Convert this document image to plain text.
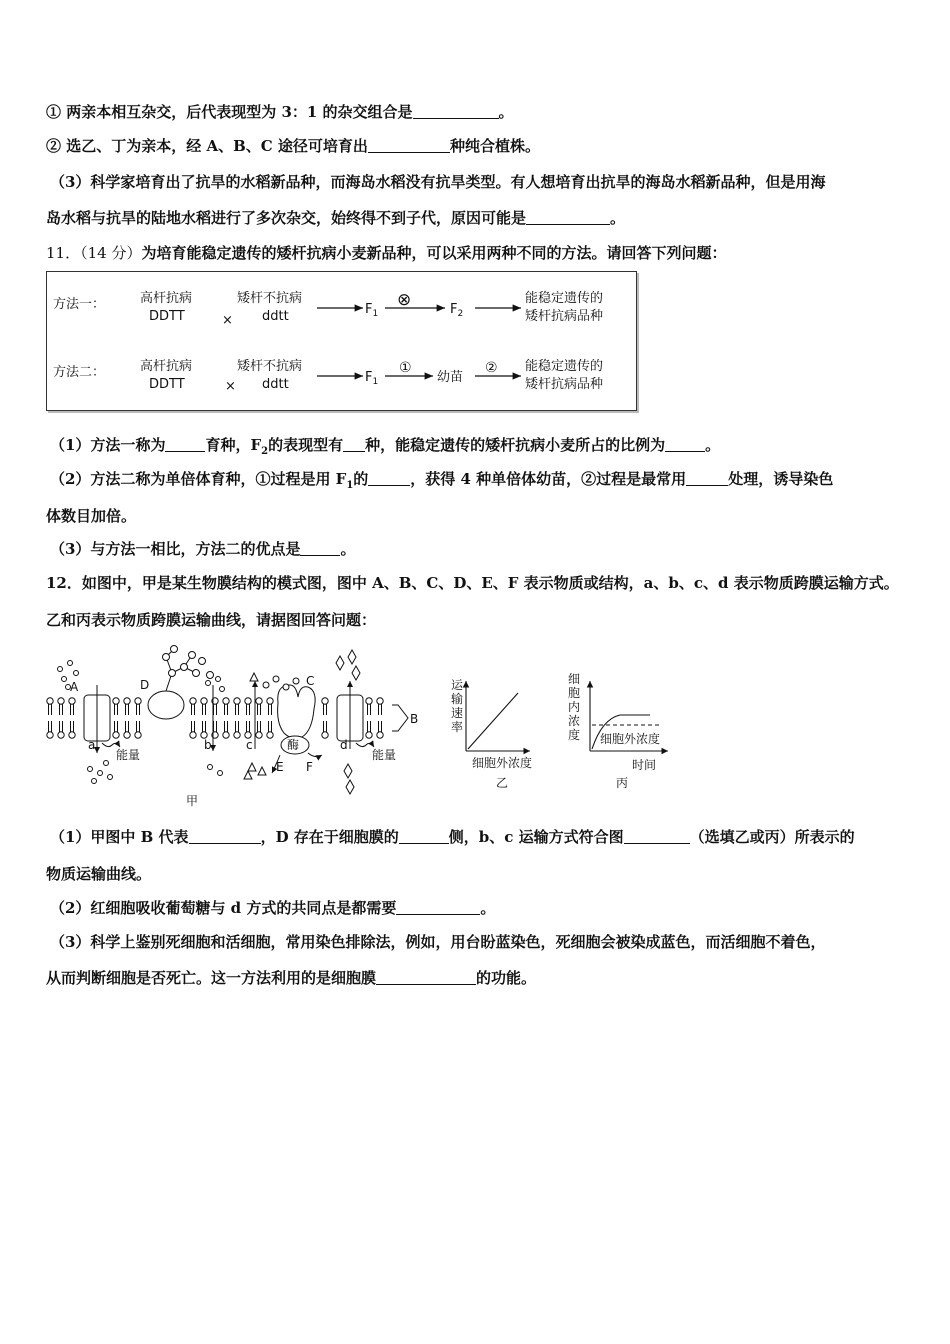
① 两亲本相互杂交，后代表现型为 3：1 的杂交组合是	。
② 选乙、丁为亲本，经 A、B、C 途径可培育出	种纯合植株。
（3）科学家培育出了抗旱的水稻新品种，而海岛水稻没有抗旱类型。有人想培育出抗旱的海岛水稻新品种，但是用海
岛水稻与抗旱的陆地水稻进行了多次杂交，始终得不到子代，原因可能是	。
11．（14 分）为培育能稳定遗传的矮杆抗病小麦新品种，可以采用两种不同的方法。请回答下列问题：
方法一：	高杆抗病
DDTT	×
矮杆不抗病
ddtt	$F_1$
⊗	$F_2$
能稳定遗传的
矮杆抗病品种
方法二：	高杆抗病
DDTT	×
矮杆不抗病
ddtt	$F_1$
①
幼苗
② 能稳定遗传的
矮杆抗病品种
（1）方法一称为	育种，$F_2$的表现型有 种，能稳定遗传的矮杆抗病小麦所占的比例为	。
（2）方法二称为单倍体育种，①过程是用 $F_1$的	，获得 4 种单倍体幼苗，②过程是最常用	处理，诱导染色
体数目加倍。
（3）与方法一相比，方法二的优点是	。
12．如图中，甲是某生物膜结构的模式图，图中 A、B、C、D、E、F 表示物质或结构，a、b、c、d 表示物质跨膜运输方式。
乙和丙表示物质跨膜运输曲线，请据图回答问题：
A	D	C
B
a	b	c	d
酶
E F
能量	能量
甲
运
输
速
率
细胞外浓度
乙
细
胞
内
浓
度 细胞外浓度
时间
丙
（1）甲图中 B 代表	，D 存在于细胞膜的	侧，b、c 运输方式符合图	（选填乙或丙）所表示的
物质运输曲线。
（2）红细胞吸收葡萄糖与 d 方式的共同点是都需要	。
（3）科学上鉴别死细胞和活细胞，常用染色排除法，例如，用台盼蓝染色，死细胞会被染成蓝色，而活细胞不着色，
从而判断细胞是否死亡。这一方法利用的是细胞膜	的功能。
